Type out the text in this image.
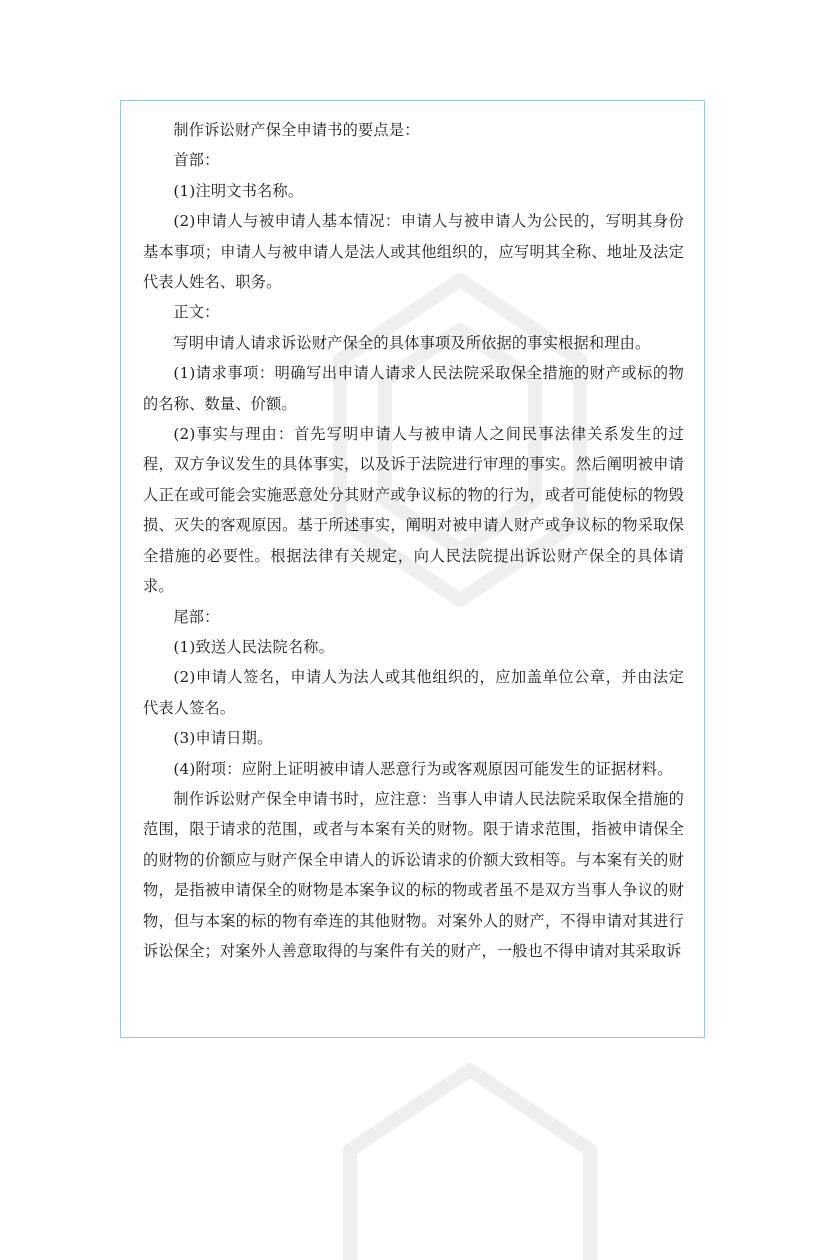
制作诉讼财产保全申请书的要点是：

首部：

(1)注明文书名称。

(2)申请人与被申请人基本情况：申请人与被申请人为公民的，写明其身份基本事项；申请人与被申请人是法人或其他组织的，应写明其全称、地址及法定代表人姓名、职务。

正文：

写明申请人请求诉讼财产保全的具体事项及所依据的事实根据和理由。

(1)请求事项：明确写出申请人请求人民法院采取保全措施的财产或标的物的名称、数量、价额。

(2)事实与理由：首先写明申请人与被申请人之间民事法律关系发生的过程，双方争议发生的具体事实，以及诉于法院进行审理的事实。然后阐明被申请人正在或可能会实施恶意处分其财产或争议标的物的行为，或者可能使标的物毁损、灭失的客观原因。基于所述事实，阐明对被申请人财产或争议标的物采取保全措施的必要性。根据法律有关规定，向人民法院提出诉讼财产保全的具体请求。

尾部：

(1)致送人民法院名称。

(2)申请人签名，申请人为法人或其他组织的，应加盖单位公章，并由法定代表人签名。

(3)申请日期。

(4)附项：应附上证明被申请人恶意行为或客观原因可能发生的证据材料。

制作诉讼财产保全申请书时，应注意：当事人申请人民法院采取保全措施的范围，限于请求的范围，或者与本案有关的财物。限于请求范围，指被申请保全的财物的价额应与财产保全申请人的诉讼请求的价额大致相等。与本案有关的财物，是指被申请保全的财物是本案争议的标的物或者虽不是双方当事人争议的财物，但与本案的标的物有牵连的其他财物。对案外人的财产，不得申请对其进行诉讼保全；对案外人善意取得的与案件有关的财产，一般也不得申请对其采取诉
